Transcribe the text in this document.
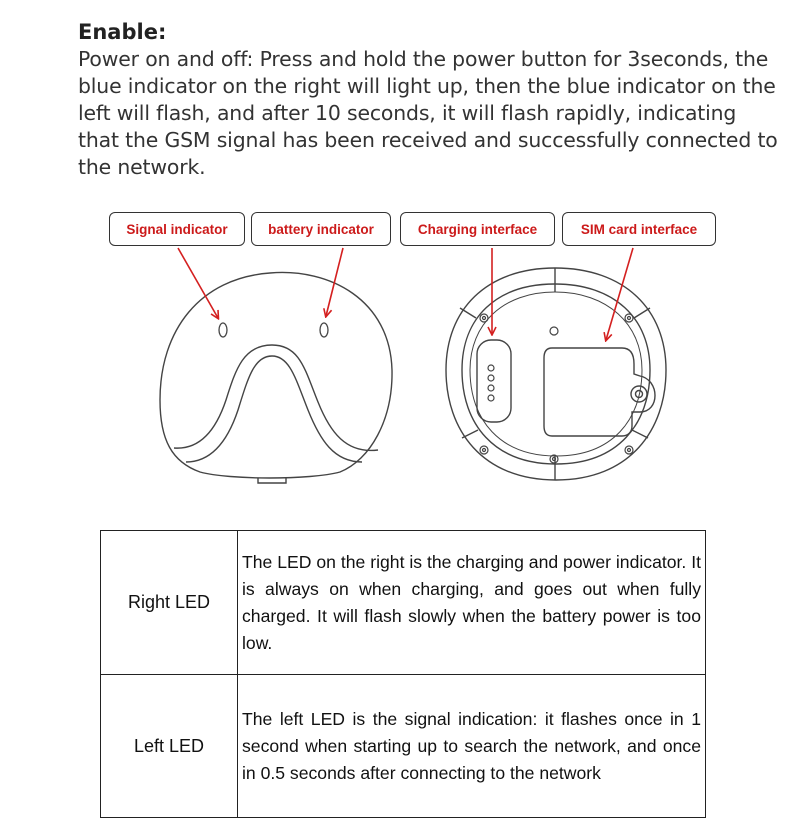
Enable:

Power on and off: Press and hold the power button for 3seconds, the blue indicator on the right will light up, then the blue indicator on the left will flash, and after 10 seconds, it will flash rapidly, indicating that the GSM signal has been received and successfully connected to the network.

Signal indicator	battery indicator	Charging interface	SIM card interface
Right LED	The LED on the right is the charging and power indicator. It is always on when charging, and goes out when fully charged. It will flash slowly when the battery power is too low.
Left LED	The left LED is the signal indication: it flashes once in 1 second when starting up to search the network, and once in 0.5 seconds after connecting to the network
